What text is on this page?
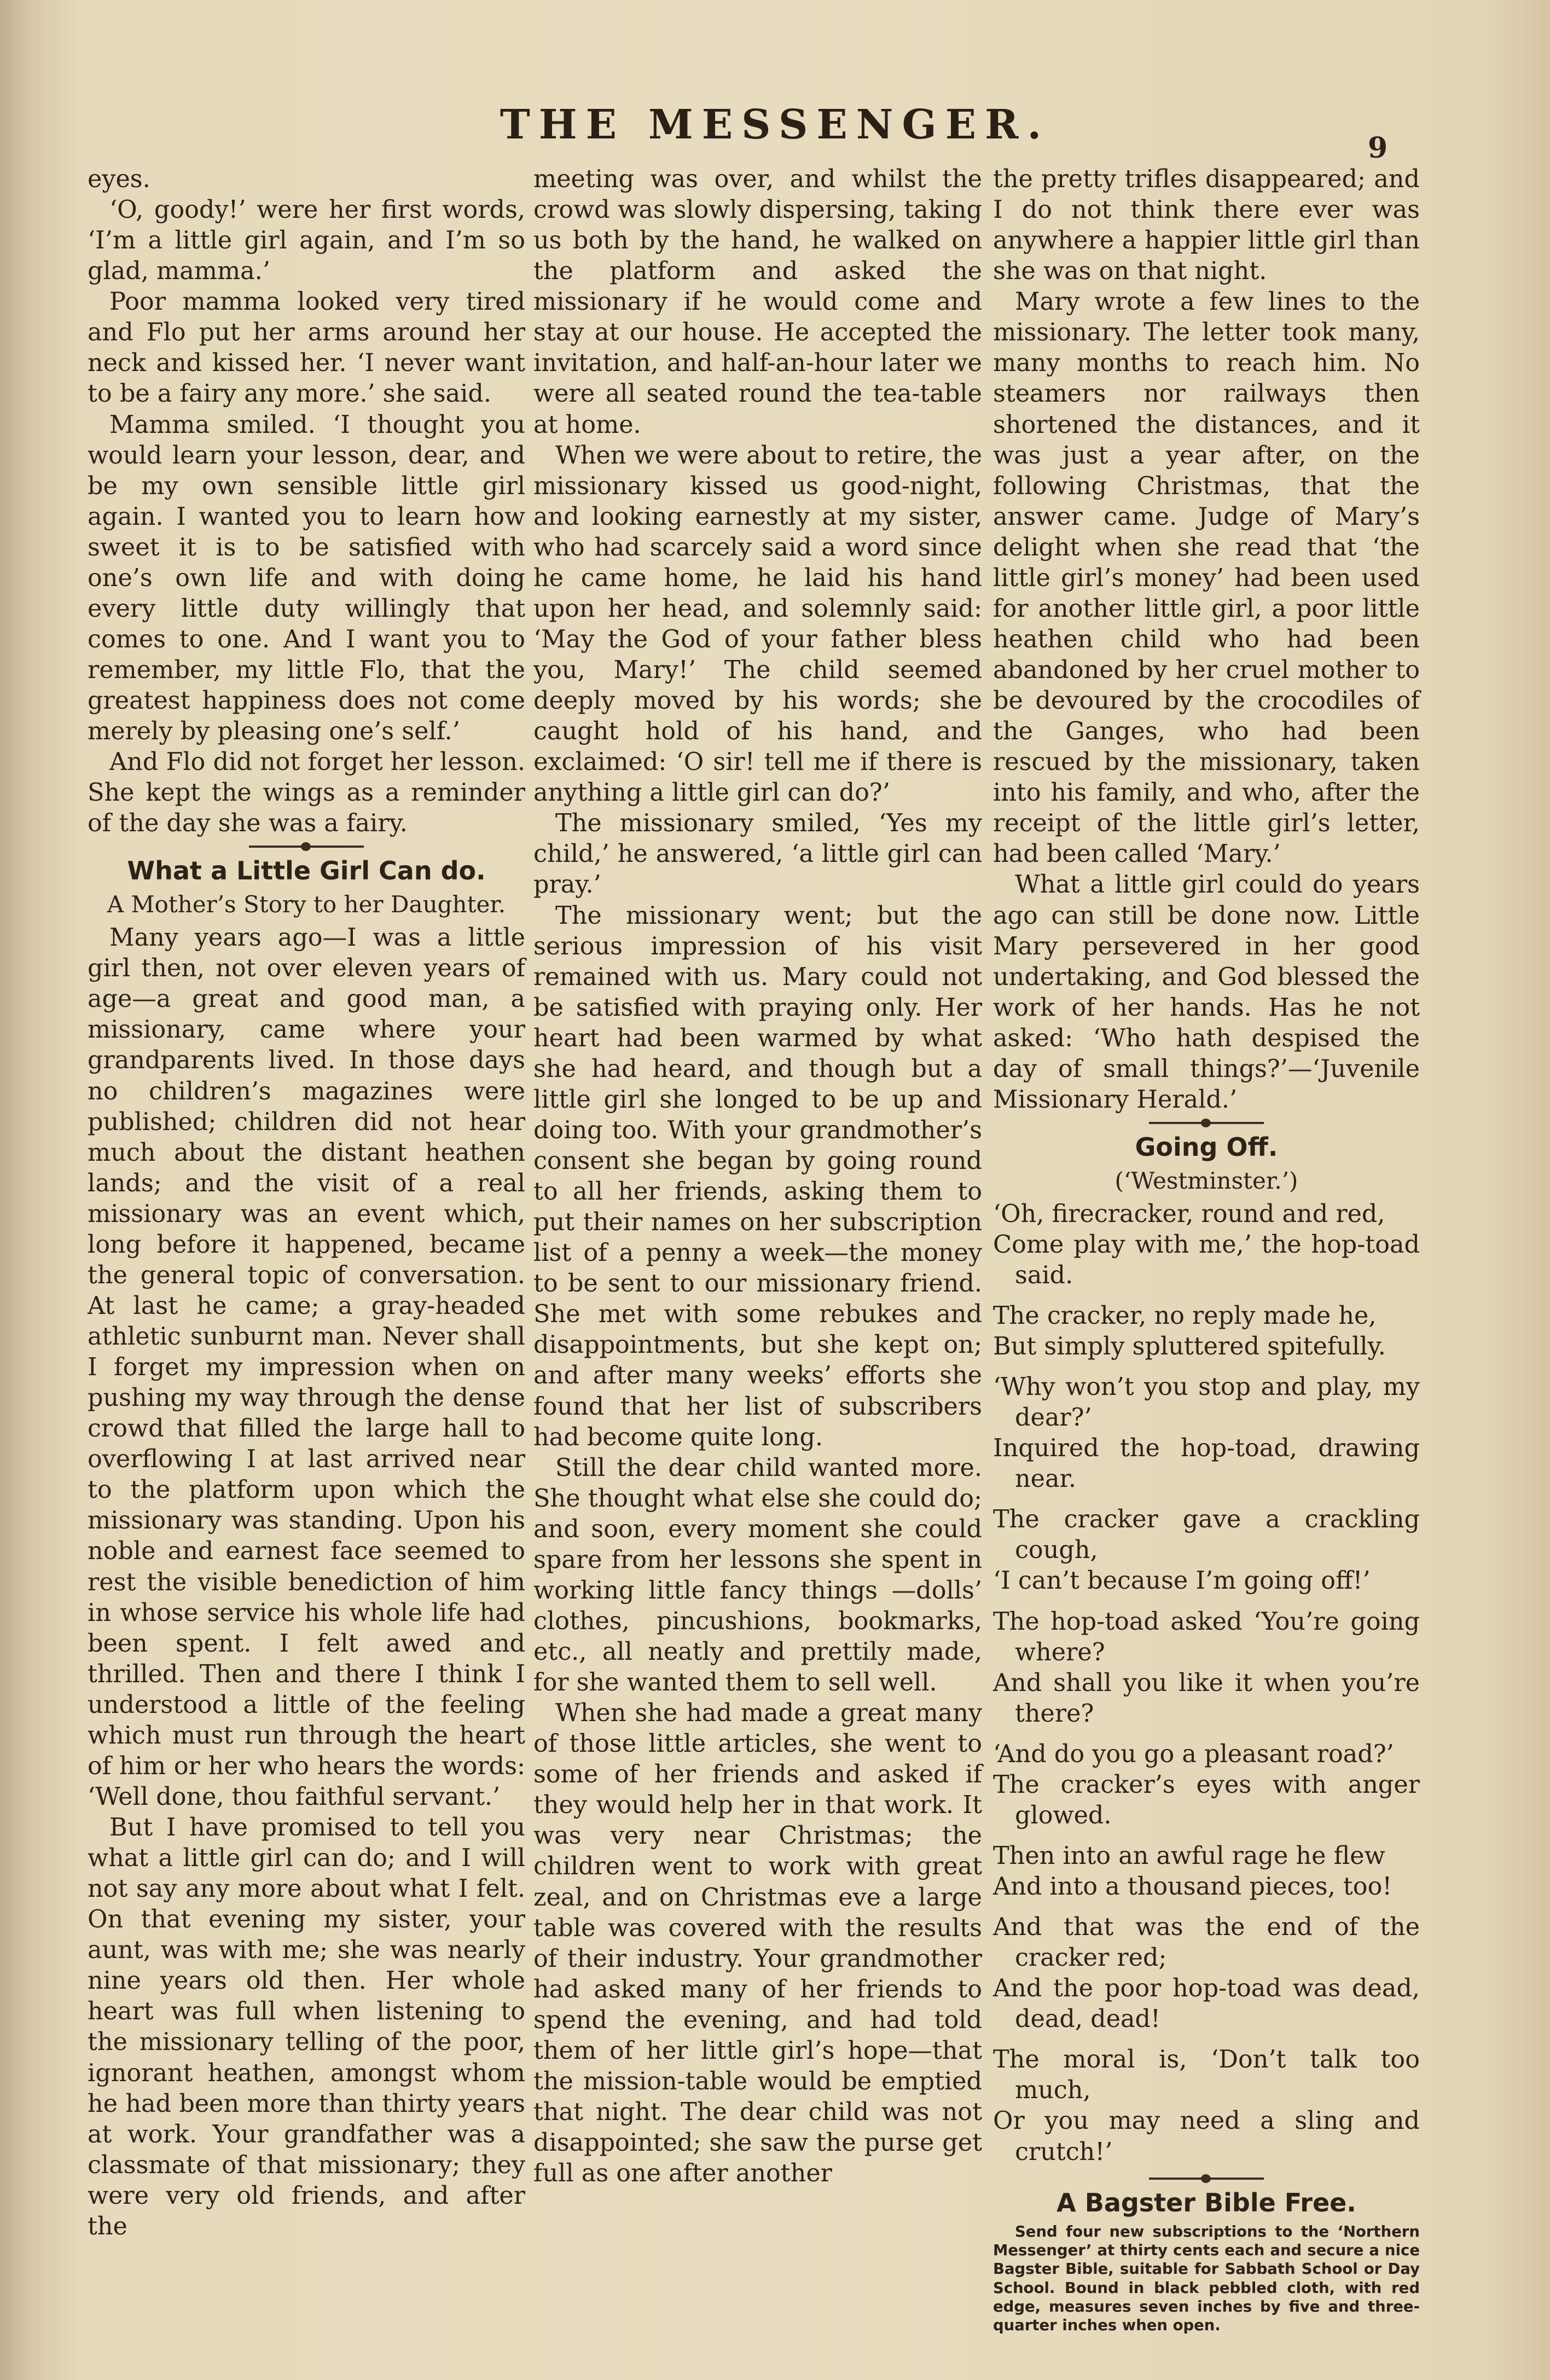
THE MESSENGER.	9

eyes.

‘O, goody!’ were her first words, ‘I’m a little girl again, and I’m so glad, mamma.’

Poor mamma looked very tired and Flo put her arms around her neck and kissed her. ‘I never want to be a fairy any more.’ she said.

Mamma smiled. ‘I thought you would learn your lesson, dear, and be my own sensible little girl again. I wanted you to learn how sweet it is to be satisfied with one’s own life and with doing every little duty willingly that comes to one. And I want you to remember, my little Flo, that the greatest happiness does not come merely by pleasing one’s self.’

And Flo did not forget her lesson. She kept the wings as a reminder of the day she was a fairy.

What a Little Girl Can do.
A Mother’s Story to her Daughter.

Many years ago—I was a little girl then, not over eleven years of age—a great and good man, a missionary, came where your grandparents lived. In those days no children’s magazines were published; children did not hear much about the distant heathen lands; and the visit of a real missionary was an event which, long before it happened, became the general topic of conversation. At last he came; a gray-headed athletic sunburnt man. Never shall I forget my impression when on pushing my way through the dense crowd that filled the large hall to overflowing I at last arrived near to the platform upon which the missionary was standing. Upon his noble and earnest face seemed to rest the visible benediction of him in whose service his whole life had been spent. I felt awed and thrilled. Then and there I think I understood a little of the feeling which must run through the heart of him or her who hears the words: ‘Well done, thou faithful servant.’

But I have promised to tell you what a little girl can do; and I will not say any more about what I felt. On that evening my sister, your aunt, was with me; she was nearly nine years old then. Her whole heart was full when listening to the missionary telling of the poor, ignorant heathen, amongst whom he had been more than thirty years at work. Your grandfather was a classmate of that missionary; they were very old friends, and after the

meeting was over, and whilst the crowd was slowly dispersing, taking us both by the hand, he walked on the platform and asked the missionary if he would come and stay at our house. He accepted the invitation, and half-an-hour later we were all seated round the tea-table at home.

When we were about to retire, the missionary kissed us good-night, and looking earnestly at my sister, who had scarcely said a word since he came home, he laid his hand upon her head, and solemnly said: ‘May the God of your father bless you, Mary!’ The child seemed deeply moved by his words; she caught hold of his hand, and exclaimed: ‘O sir! tell me if there is anything a little girl can do?’

The missionary smiled, ‘Yes my child,’ he answered, ‘a little girl can pray.’

The missionary went; but the serious impression of his visit remained with us. Mary could not be satisfied with praying only. Her heart had been warmed by what she had heard, and though but a little girl she longed to be up and doing too. With your grandmother’s consent she began by going round to all her friends, asking them to put their names on her subscription list of a penny a week—the money to be sent to our missionary friend. She met with some rebukes and disappointments, but she kept on; and after many weeks’ efforts she found that her list of subscribers had become quite long.

Still the dear child wanted more. She thought what else she could do; and soon, every moment she could spare from her lessons she spent in working little fancy things —dolls’ clothes, pincushions, bookmarks, etc., all neatly and prettily made, for she wanted them to sell well.

When she had made a great many of those little articles, she went to some of her friends and asked if they would help her in that work. It was very near Christmas; the children went to work with great zeal, and on Christmas eve a large table was covered with the results of their industry. Your grandmother had asked many of her friends to spend the evening, and had told them of her little girl’s hope—that the mission-table would be emptied that night. The dear child was not disappointed; she saw the purse get full as one after another

the pretty trifles disappeared; and I do not think there ever was anywhere a happier little girl than she was on that night.

Mary wrote a few lines to the missionary. The letter took many, many months to reach him. No steamers nor railways then shortened the distances, and it was just a year after, on the following Christmas, that the answer came. Judge of Mary’s delight when she read that ‘the little girl’s money’ had been used for another little girl, a poor little heathen child who had been abandoned by her cruel mother to be devoured by the crocodiles of the Ganges, who had been rescued by the missionary, taken into his family, and who, after the receipt of the little girl’s letter, had been called ‘Mary.’

What a little girl could do years ago can still be done now. Little Mary persevered in her good undertaking, and God blessed the work of her hands. Has he not asked: ‘Who hath despised the day of small things?’—‘Juvenile Missionary Herald.’

Going Off.
(‘Westminster.’)
‘Oh, firecracker, round and red,
Come play with me,’ the hop-toad said.
The cracker, no reply made he,
But simply spluttered spitefully.
‘Why won’t you stop and play, my dear?’
Inquired the hop-toad, drawing near.
The cracker gave a crackling cough,
‘I can’t because I’m going off!’
The hop-toad asked ‘You’re going where?
And shall you like it when you’re there?
‘And do you go a pleasant road?’
The cracker’s eyes with anger glowed.
Then into an awful rage he flew
And into a thousand pieces, too!
And that was the end of the cracker red;
And the poor hop-toad was dead, dead, dead!
The moral is, ‘Don’t talk too much,
Or you may need a sling and crutch!’
A Bagster Bible Free.
Send four new subscriptions to the ‘Northern Messenger’ at thirty cents each and secure a nice Bagster Bible, suitable for Sabbath School or Day School. Bound in black pebbled cloth, with red edge, measures seven inches by five and three-quarter inches when open.
